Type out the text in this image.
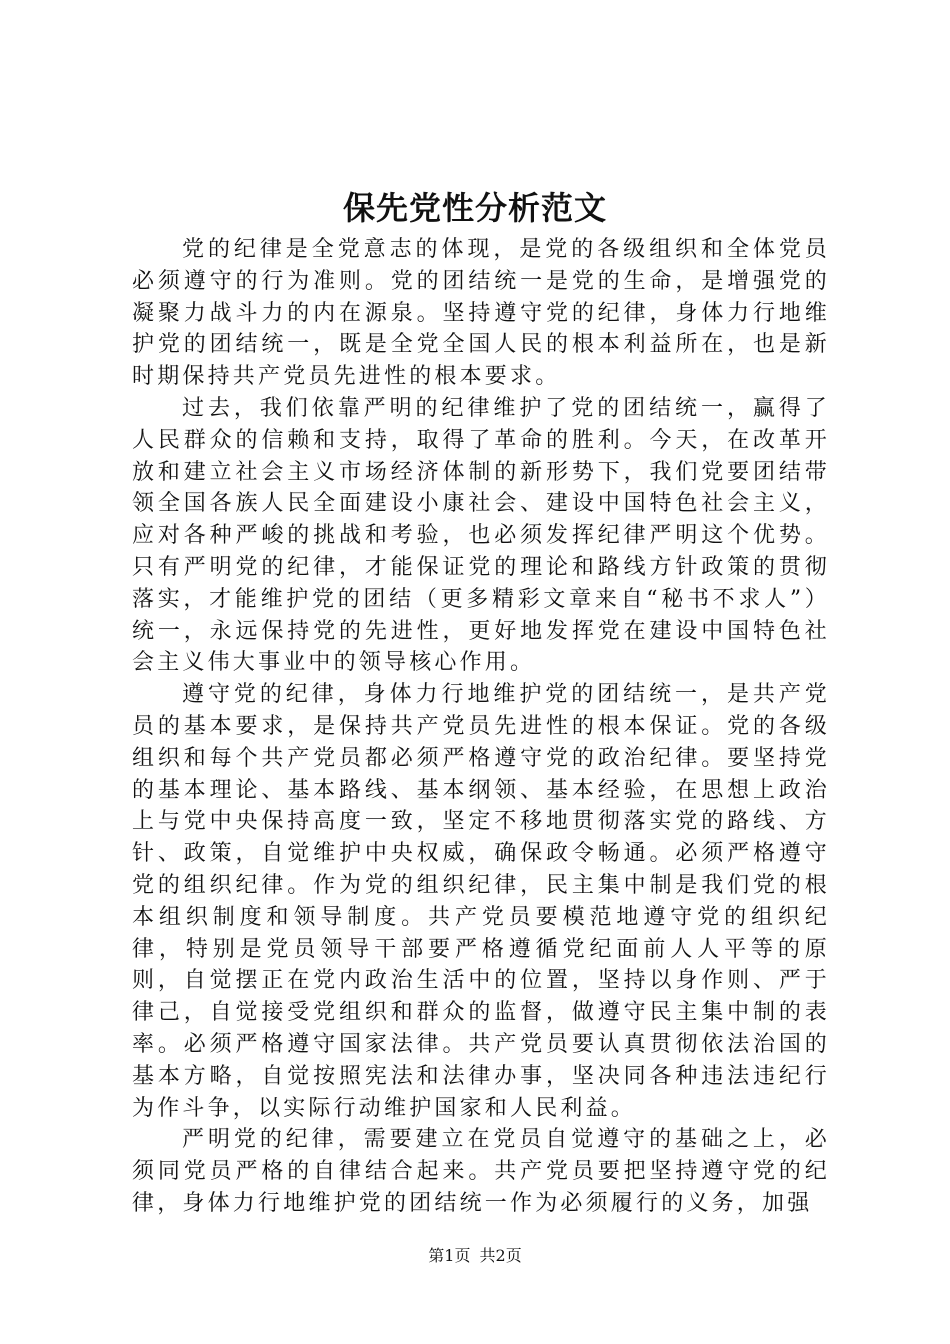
保先党性分析范文

党的纪律是全党意志的体现，是党的各级组织和全体党员必须遵守的行为准则。党的团结统一是党的生命，是增强党的凝聚力战斗力的内在源泉。坚持遵守党的纪律，身体力行地维护党的团结统一，既是全党全国人民的根本利益所在，也是新时期保持共产党员先进性的根本要求。

过去，我们依靠严明的纪律维护了党的团结统一，赢得了人民群众的信赖和支持，取得了革命的胜利。今天，在改革开放和建立社会主义市场经济体制的新形势下，我们党要团结带领全国各族人民全面建设小康社会、建设中国特色社会主义，应对各种严峻的挑战和考验，也必须发挥纪律严明这个优势。只有严明党的纪律，才能保证党的理论和路线方针政策的贯彻落实，才能维护党的团结（更多精彩文章来自“秘书不求人”）统一，永远保持党的先进性，更好地发挥党在建设中国特色社会主义伟大事业中的领导核心作用。

遵守党的纪律，身体力行地维护党的团结统一，是共产党员的基本要求，是保持共产党员先进性的根本保证。党的各级组织和每个共产党员都必须严格遵守党的政治纪律。要坚持党的基本理论、基本路线、基本纲领、基本经验，在思想上政治上与党中央保持高度一致，坚定不移地贯彻落实党的路线、方针、政策，自觉维护中央权威，确保政令畅通。必须严格遵守党的组织纪律。作为党的组织纪律，民主集中制是我们党的根本组织制度和领导制度。共产党员要模范地遵守党的组织纪律，特别是党员领导干部要严格遵循党纪面前人人平等的原则，自觉摆正在党内政治生活中的位置，坚持以身作则、严于律己，自觉接受党组织和群众的监督，做遵守民主集中制的表率。必须严格遵守国家法律。共产党员要认真贯彻依法治国的基本方略，自觉按照宪法和法律办事，坚决同各种违法违纪行为作斗争，以实际行动维护国家和人民利益。

严明党的纪律，需要建立在党员自觉遵守的基础之上，必须同党员严格的自律结合起来。共产党员要把坚持遵守党的纪律，身体力行地维护党的团结统一作为必须履行的义务，加强

第1页 共2页
